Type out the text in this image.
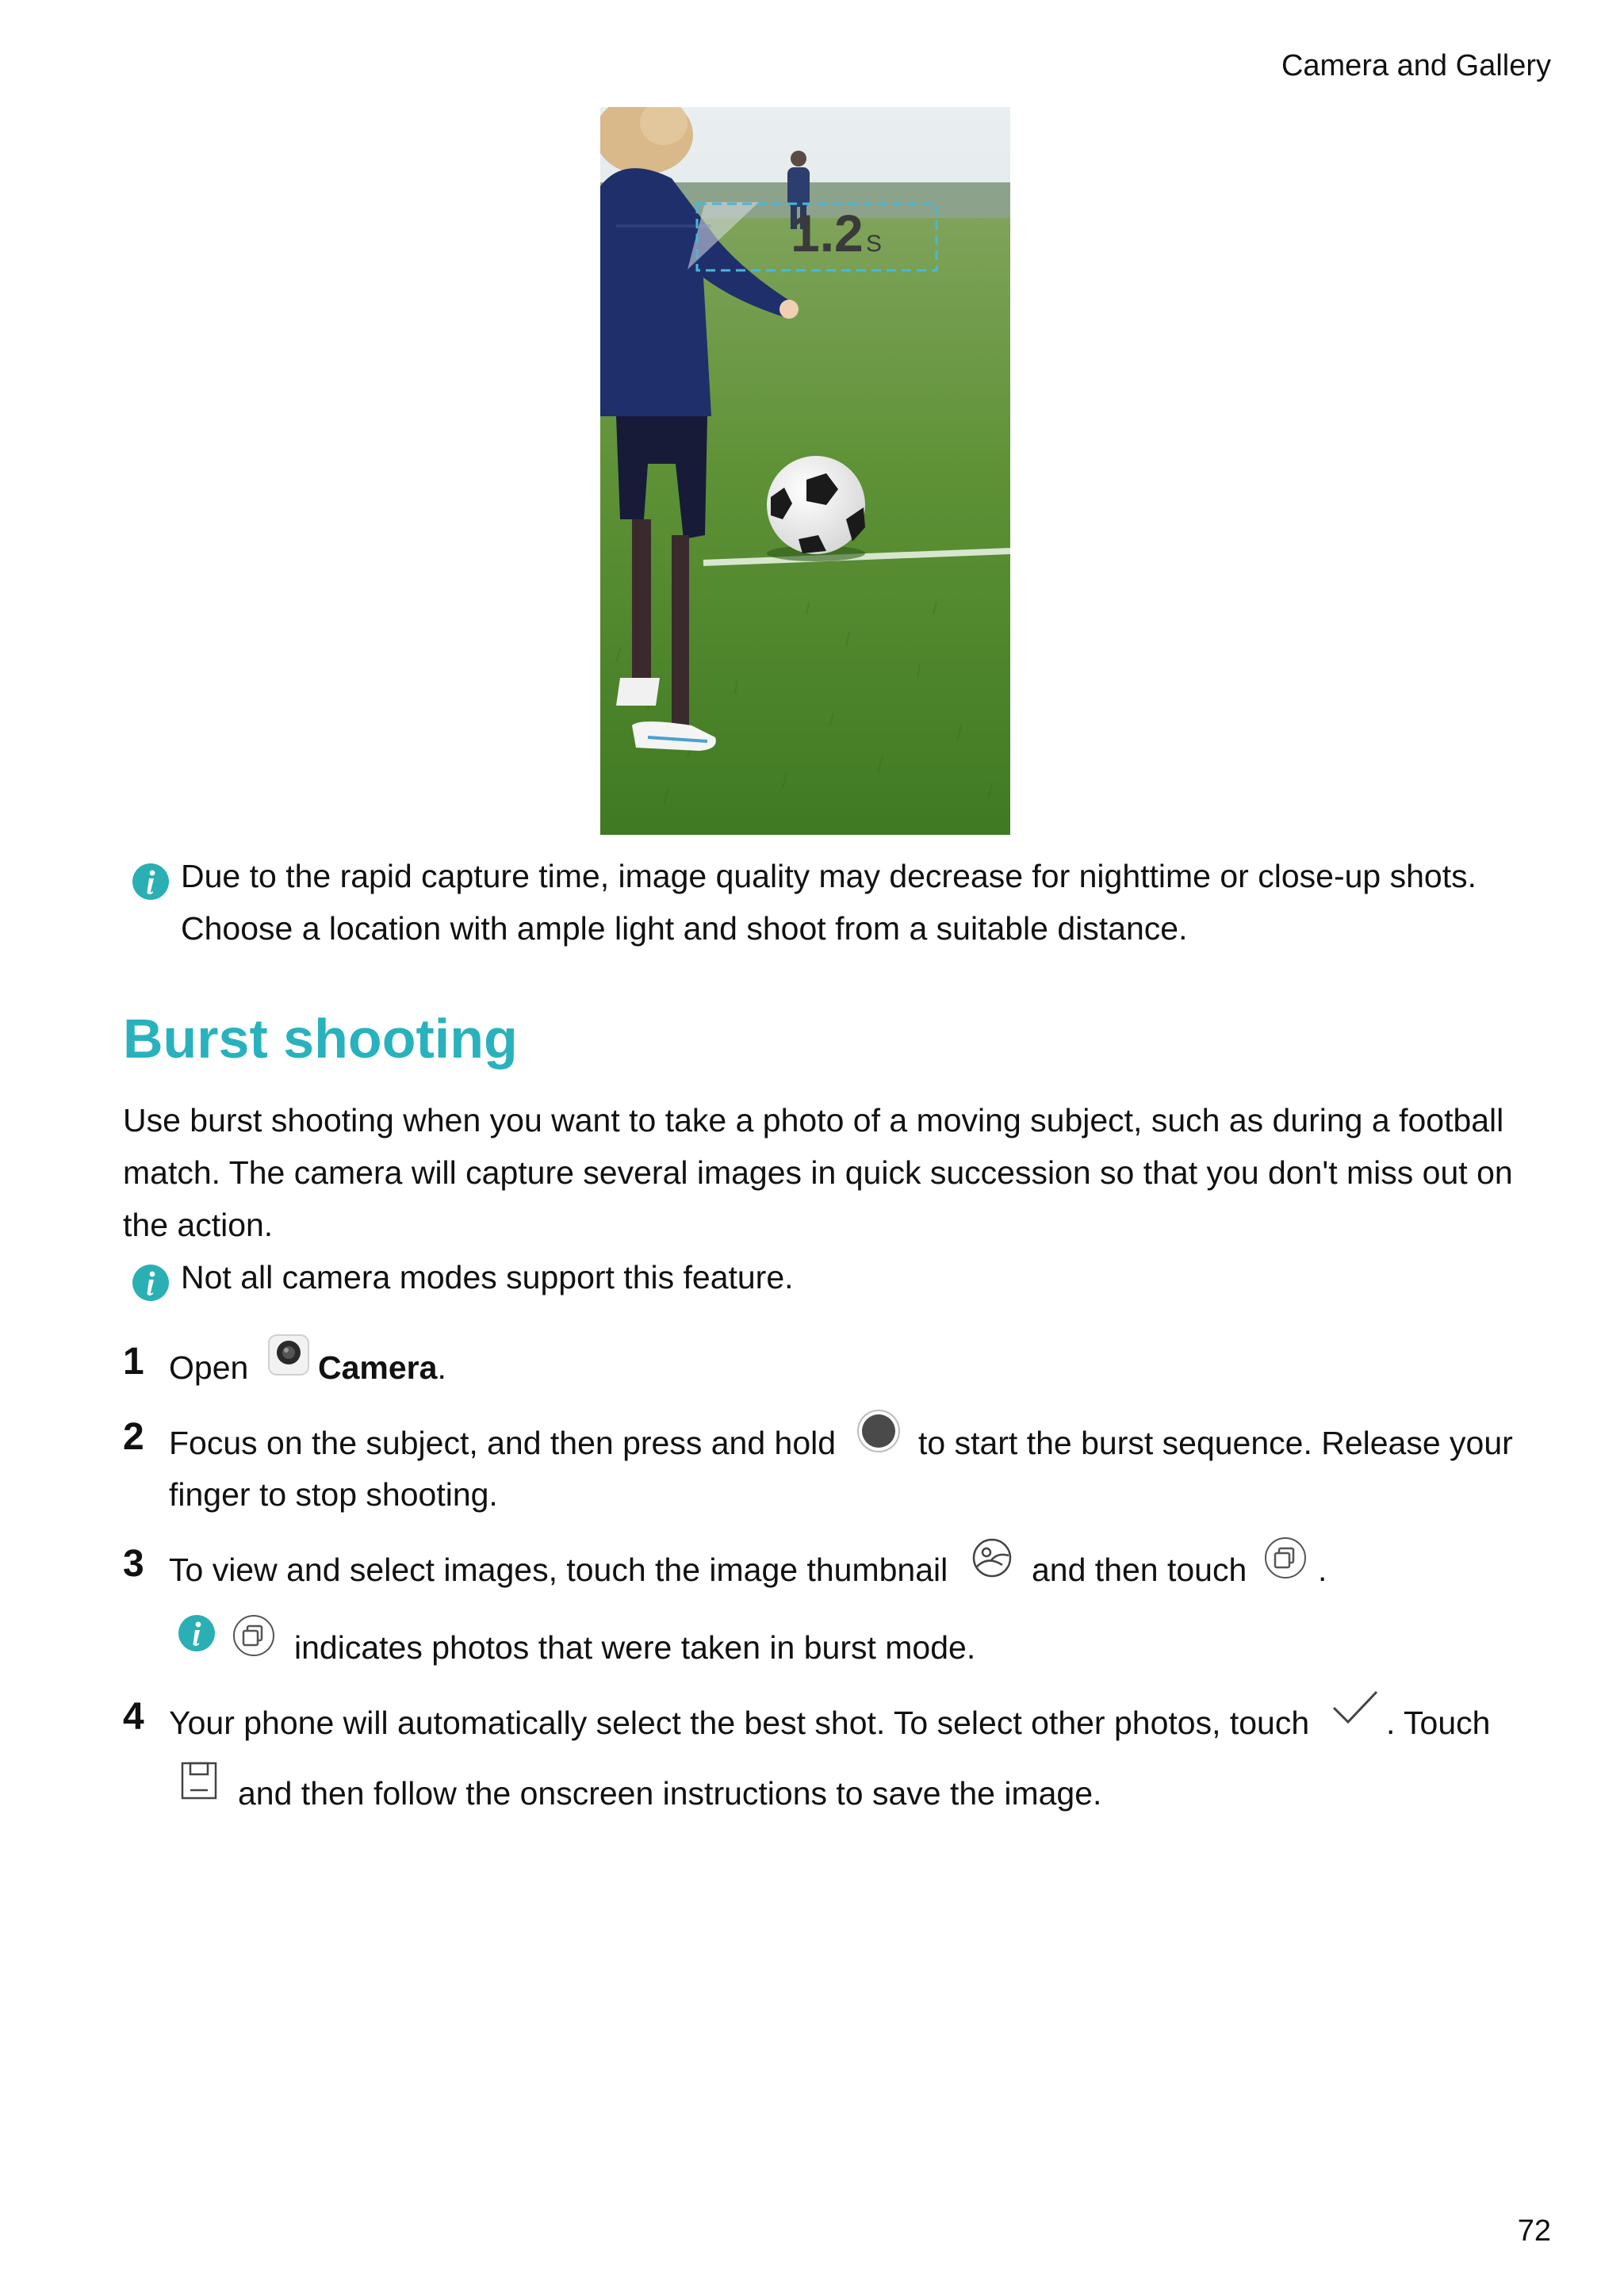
Camera and Gallery
1.2 S
Due to the rapid capture time, image quality may decrease for nighttime or close-up shots.
Choose a location with ample light and shoot from a suitable distance.
Burst shooting
Use burst shooting when you want to take a photo of a moving subject, such as during a football
match. The camera will capture several images in quick succession so that you don't miss out on
the action.
Not all camera modes support this feature.
1 Open Camera.
2 Focus on the subject, and then press and hold	to start the burst sequence. Release your
finger to stop shooting.
3 To view and select images, touch the image thumbnail	and then touch .
indicates photos that were taken in burst mode.
4 Your phone will automatically select the best shot. To select other photos, touch . Touch
and then follow the onscreen instructions to save the image.
72
